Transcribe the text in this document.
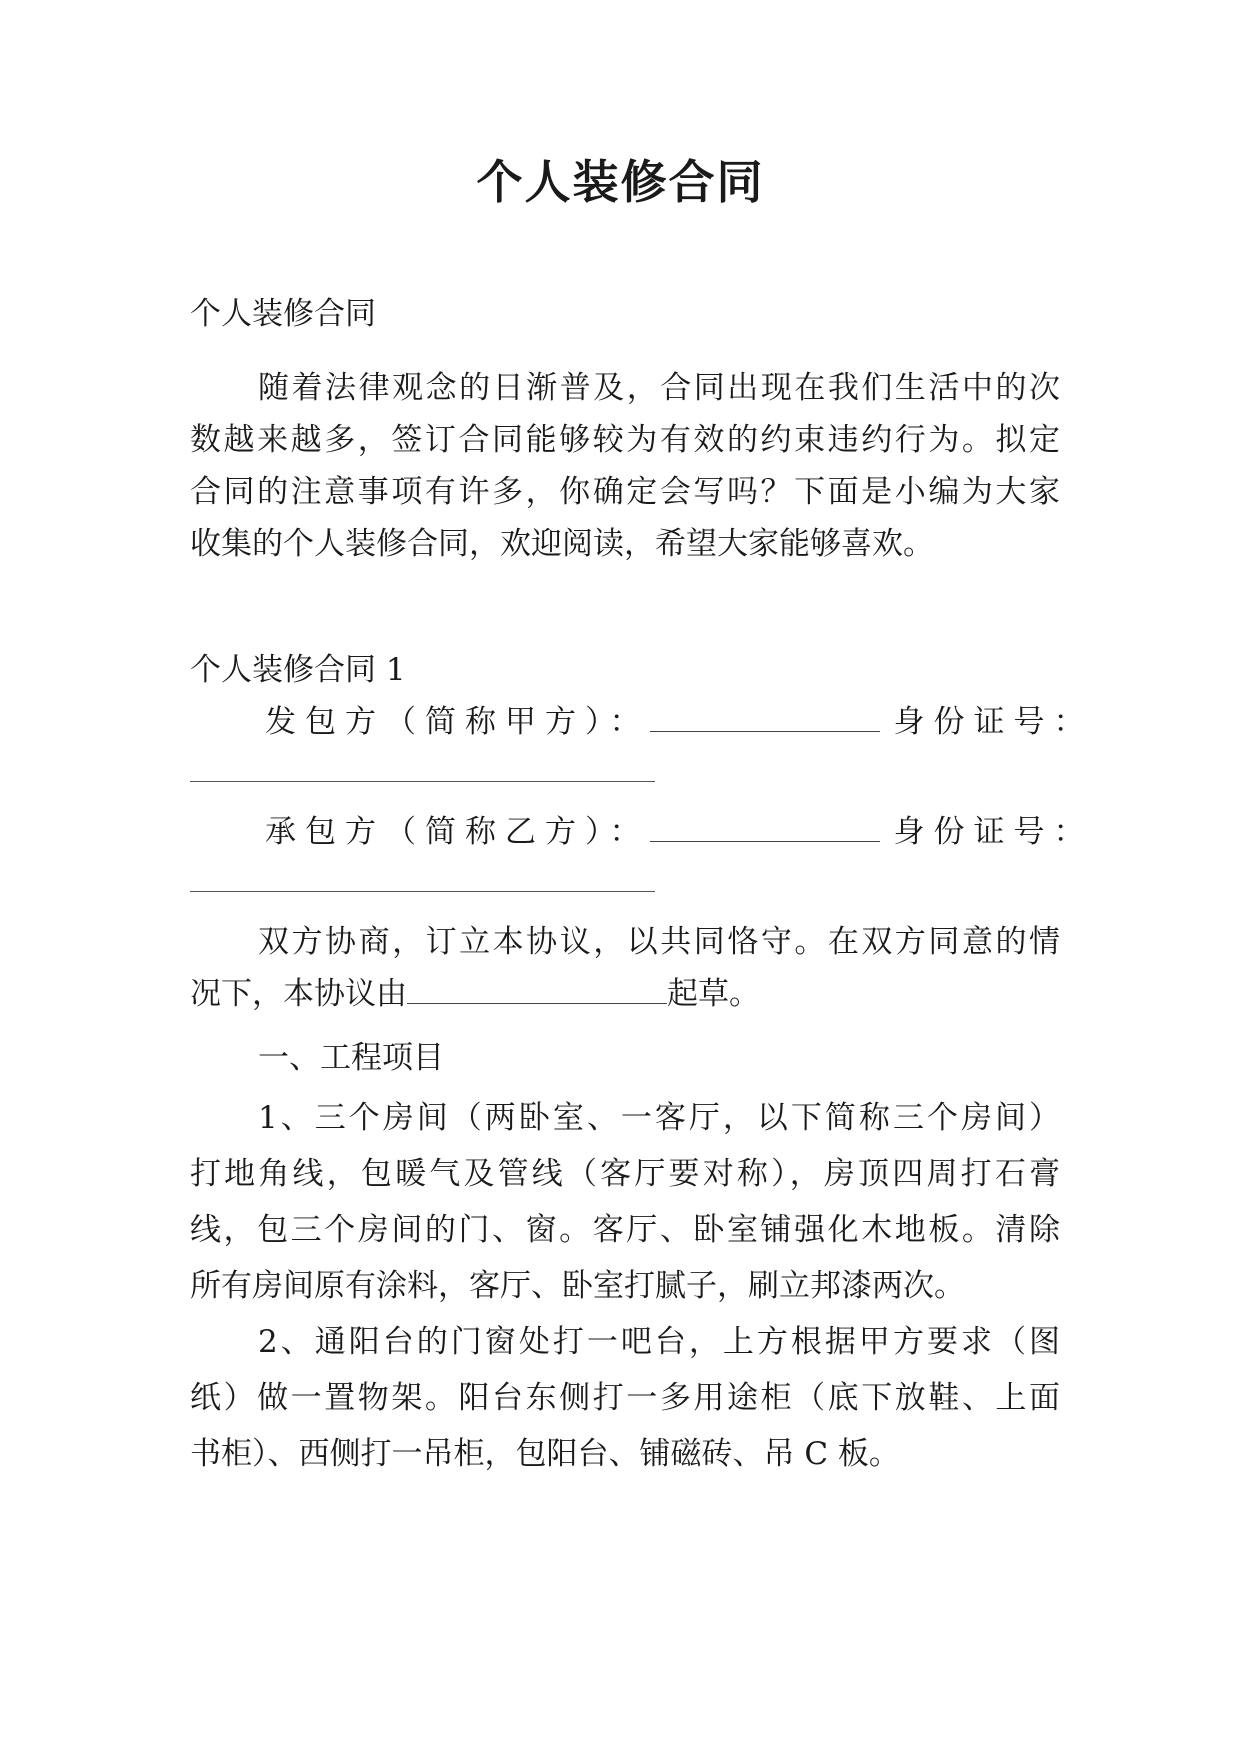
个人装修合同
个人装修合同
随着法律观念的日渐普及，合同出现在我们生活中的次
数越来越多，签订合同能够较为有效的约束违约行为。拟定
合同的注意事项有许多，你确定会写吗？下面是小编为大家
收集的个人装修合同，欢迎阅读，希望大家能够喜欢。
个人装修合同 1
发包方（简称甲方）：	身份证号：
承包方（简称乙方）：	身份证号：
双方协商，订立本协议，以共同恪守。在双方同意的情
况下，本协议由	起草。
一、工程项目
1、三个房间（两卧室、一客厅，以下简称三个房间）
打地角线，包暖气及管线（客厅要对称），房顶四周打石膏
线，包三个房间的门、窗。客厅、卧室铺强化木地板。清除
所有房间原有涂料，客厅、卧室打腻子，刷立邦漆两次。
2、通阳台的门窗处打一吧台，上方根据甲方要求（图
纸）做一置物架。阳台东侧打一多用途柜（底下放鞋、上面
书柜）、西侧打一吊柜，包阳台、铺磁砖、吊 C 板。
